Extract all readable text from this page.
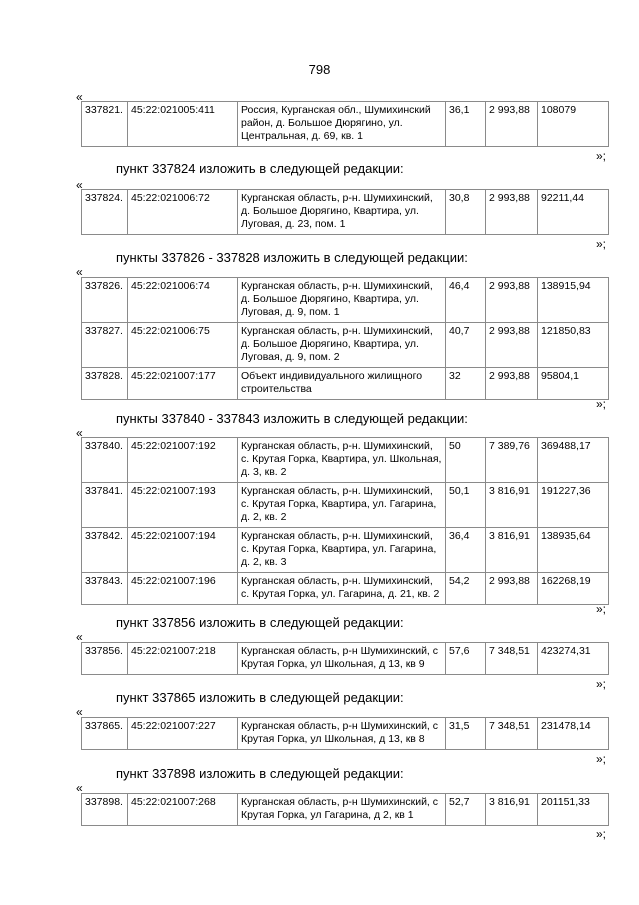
798
«
337821.	45:22:021005:411	Россия, Курганская обл., Шумихинский район, д. Большое Дюрягино, ул. Центральная, д. 69, кв. 1	36,1	2 993,88	108079
»;
пункт 337824 изложить в следующей редакции:
«
337824.	45:22:021006:72	Курганская область, р-н. Шумихинский, д. Большое Дюрягино, Квартира, ул. Луговая, д. 23, пом. 1	30,8	2 993,88	92211,44
»;
пункты 337826 - 337828 изложить в следующей редакции:
«
337826.	45:22:021006:74	Курганская область, р-н. Шумихинский, д. Большое Дюрягино, Квартира, ул. Луговая, д. 9, пом. 1	46,4	2 993,88	138915,94
337827.	45:22:021006:75	Курганская область, р-н. Шумихинский, д. Большое Дюрягино, Квартира, ул. Луговая, д. 9, пом. 2	40,7	2 993,88	121850,83
337828.	45:22:021007:177	Объект индивидуального жилищного строительства	32	2 993,88	95804,1
»;
пункты 337840 - 337843 изложить в следующей редакции:
«
337840.	45:22:021007:192	Курганская область, р-н. Шумихинский, с. Крутая Горка, Квартира, ул. Школьная, д. 3, кв. 2	50	7 389,76	369488,17
337841.	45:22:021007:193	Курганская область, р-н. Шумихинский, с. Крутая Горка, Квартира, ул. Гагарина, д. 2, кв. 2	50,1	3 816,91	191227,36
337842.	45:22:021007:194	Курганская область, р-н. Шумихинский, с. Крутая Горка, Квартира, ул. Гагарина, д. 2, кв. 3	36,4	3 816,91	138935,64
337843.	45:22:021007:196	Курганская область, р-н. Шумихинский, с. Крутая Горка, ул. Гагарина, д. 21, кв. 2	54,2	2 993,88	162268,19
»;
пункт 337856 изложить в следующей редакции:
«
337856.	45:22:021007:218	Курганская область, р-н Шумихинский, с Крутая Горка, ул Школьная, д 13, кв 9	57,6	7 348,51	423274,31
»;
пункт 337865 изложить в следующей редакции:
«
337865.	45:22:021007:227	Курганская область, р-н Шумихинский, с Крутая Горка, ул Школьная, д 13, кв 8	31,5	7 348,51	231478,14
»;
пункт 337898 изложить в следующей редакции:
«
337898.	45:22:021007:268	Курганская область, р-н Шумихинский, с Крутая Горка, ул Гагарина, д 2, кв 1	52,7	3 816,91	201151,33
»;
